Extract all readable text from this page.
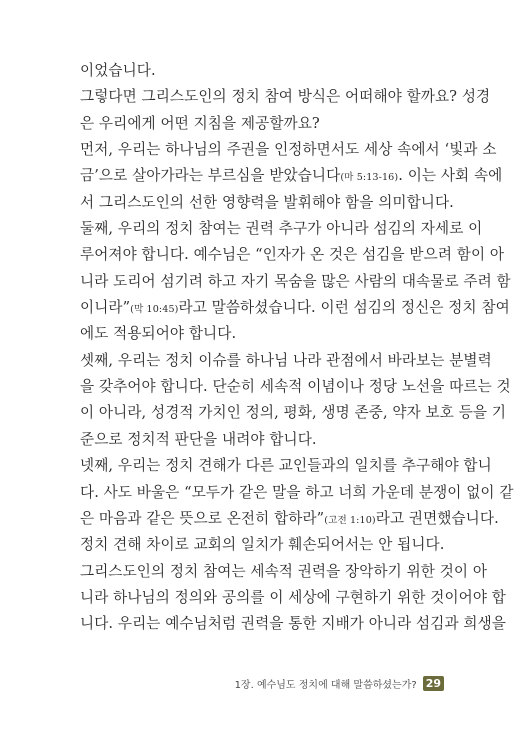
이었습니다.
그렇다면 그리스도인의 정치 참여 방식은 어떠해야 할까요? 성경
은 우리에게 어떤 지침을 제공할까요?
먼저, 우리는 하나님의 주권을 인정하면서도 세상 속에서 ‘빛과 소
금’으로 살아가라는 부르심을 받았습니다(마 5:13-16). 이는 사회 속에
서 그리스도인의 선한 영향력을 발휘해야 함을 의미합니다.
둘째, 우리의 정치 참여는 권력 추구가 아니라 섬김의 자세로 이
루어져야 합니다. 예수님은 “인자가 온 것은 섬김을 받으려 함이 아
니라 도리어 섬기려 하고 자기 목숨을 많은 사람의 대속물로 주려 함
이니라”(막 10:45)라고 말씀하셨습니다. 이런 섬김의 정신은 정치 참여
에도 적용되어야 합니다.
셋째, 우리는 정치 이슈를 하나님 나라 관점에서 바라보는 분별력
을 갖추어야 합니다. 단순히 세속적 이념이나 정당 노선을 따르는 것
이 아니라, 성경적 가치인 정의, 평화, 생명 존중, 약자 보호 등을 기
준으로 정치적 판단을 내려야 합니다.
넷째, 우리는 정치 견해가 다른 교인들과의 일치를 추구해야 합니
다. 사도 바울은 “모두가 같은 말을 하고 너희 가운데 분쟁이 없이 같
은 마음과 같은 뜻으로 온전히 합하라”(고전 1:10)라고 권면했습니다.
정치 견해 차이로 교회의 일치가 훼손되어서는 안 됩니다.
그리스도인의 정치 참여는 세속적 권력을 장악하기 위한 것이 아
니라 하나님의 정의와 공의를 이 세상에 구현하기 위한 것이어야 합
니다. 우리는 예수님처럼 권력을 통한 지배가 아니라 섬김과 희생을
1장. 예수님도 정치에 대해 말씀하셨는가? 29
